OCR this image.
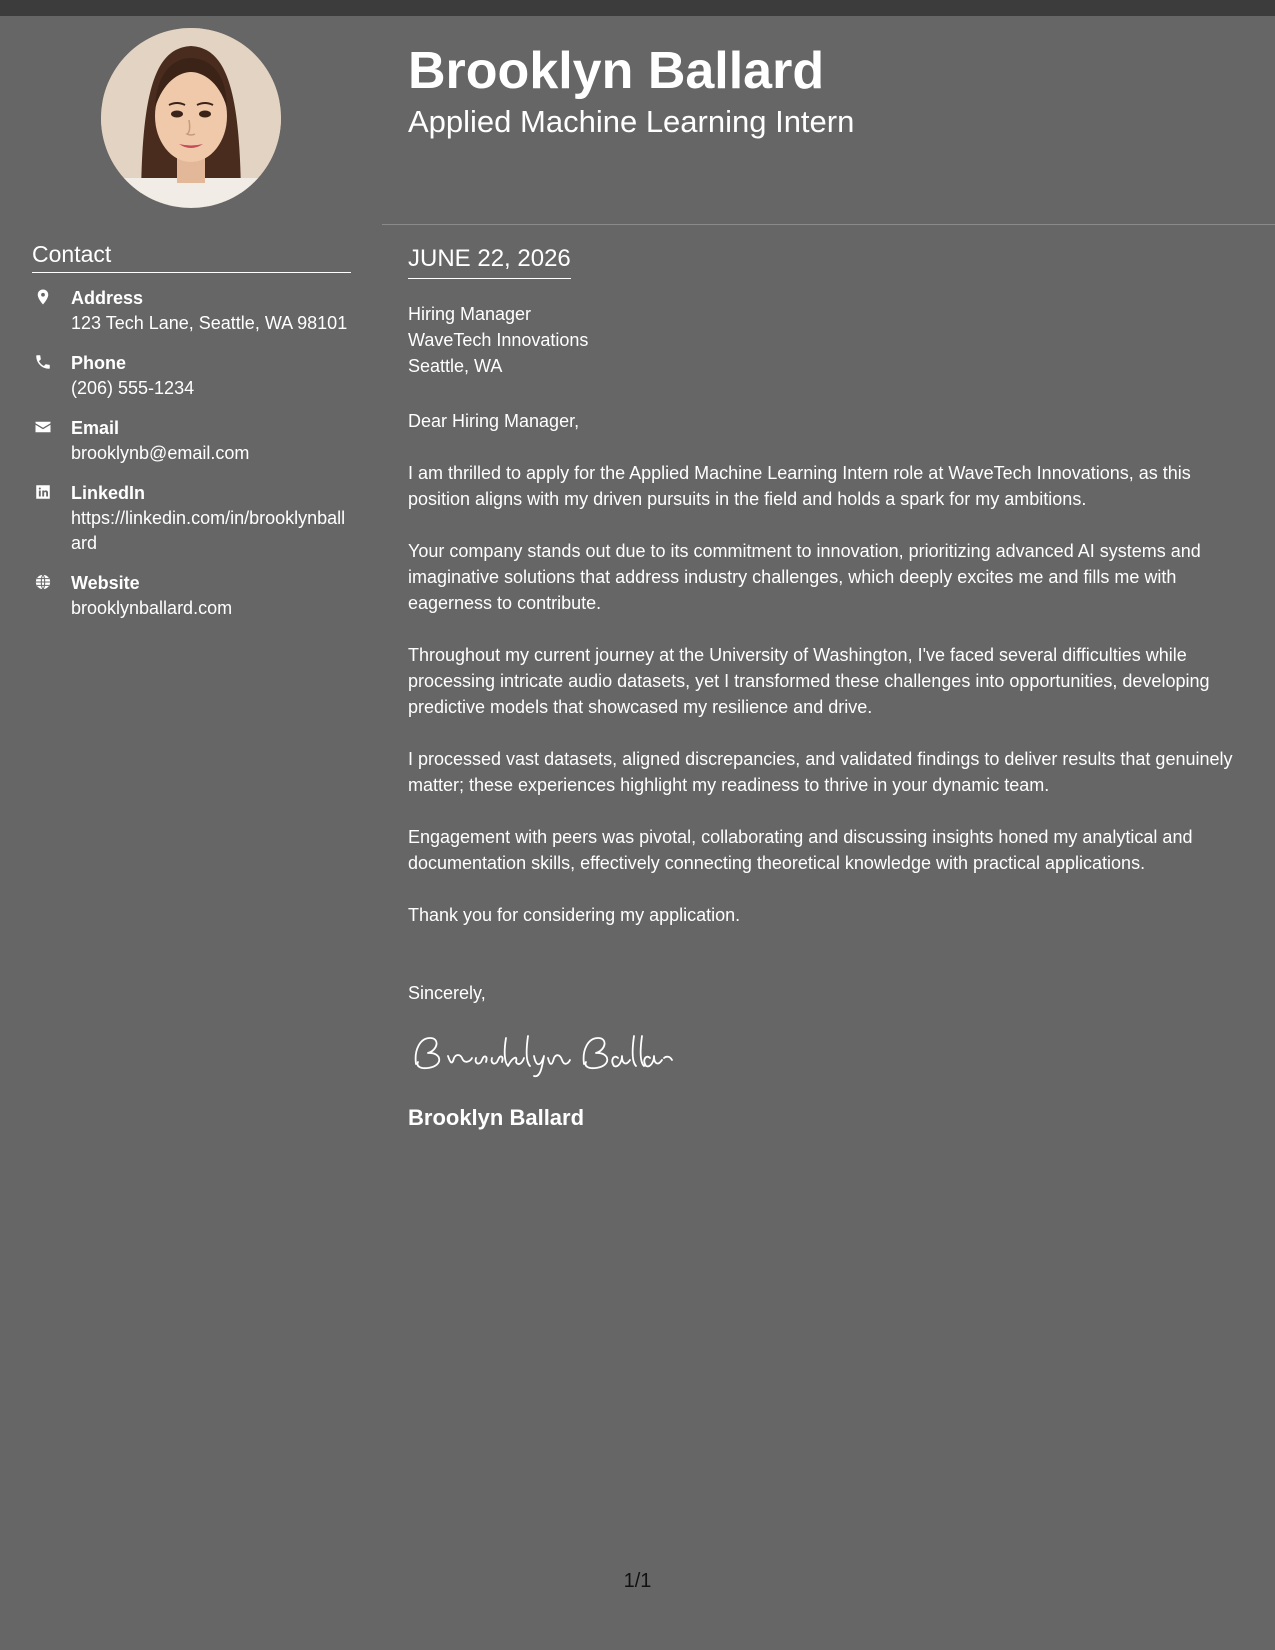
Contact
Address
123 Tech Lane, Seattle, WA 98101
Phone
(206) 555-1234
Email
brooklynb@email.com
LinkedIn
https://linkedin.com/in/brooklynballard
Website
brooklynballard.com
Brooklyn Ballard
Applied Machine Learning Intern
JUNE 22, 2026
Hiring Manager
WaveTech Innovations
Seattle, WA
Dear Hiring Manager,

I am thrilled to apply for the Applied Machine Learning Intern role at WaveTech Innovations, as this position aligns with my driven pursuits in the field and holds a spark for my ambitions.

Your company stands out due to its commitment to innovation, prioritizing advanced AI systems and imaginative solutions that address industry challenges, which deeply excites me and fills me with eagerness to contribute.

Throughout my current journey at the University of Washington, I've faced several difficulties while processing intricate audio datasets, yet I transformed these challenges into opportunities, developing predictive models that showcased my resilience and drive.

I processed vast datasets, aligned discrepancies, and validated findings to deliver results that genuinely matter; these experiences highlight my readiness to thrive in your dynamic team.

Engagement with peers was pivotal, collaborating and discussing insights honed my analytical and documentation skills, effectively connecting theoretical knowledge with practical applications.

Thank you for considering my application.

Sincerely,
Brooklyn Ballard
1/1
